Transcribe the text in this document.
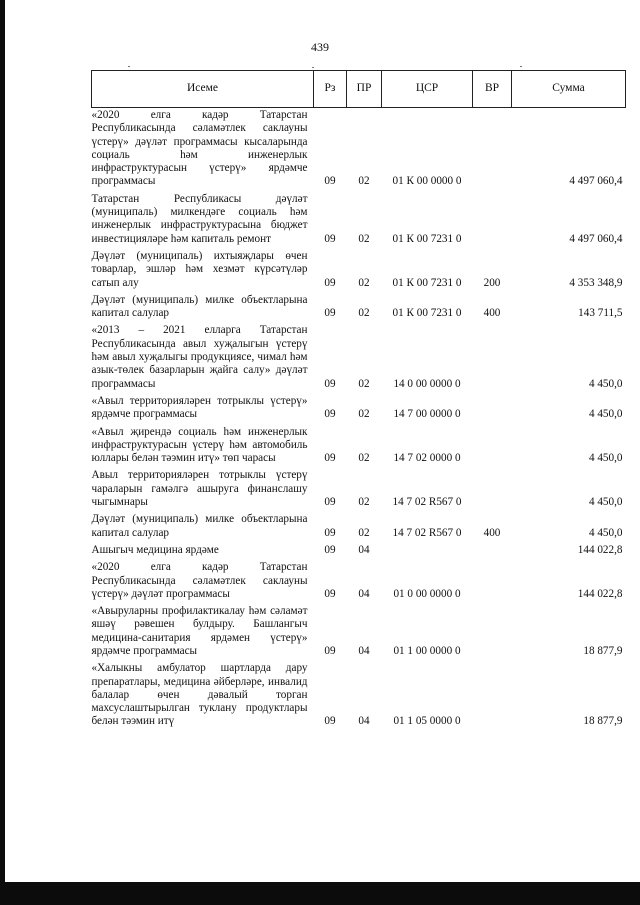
439
Исеме	Рз	ПР	ЦСР	ВР	Сумма
«2020 елга кадәр Татарстан Республикасында сәламәтлек саклауны үстерү» дәүләт программасы кысаларында социаль һәм инженерлык инфраструктурасын үстерү» ярдәмче программасы	09	02	01 К 00 0000 0		4 497 060,4
Татарстан Республикасы дәүләт (муниципаль) милкендәге социаль һәм инженерлык инфраструктурасына бюджет инвестицияләре һәм капиталь ремонт	09	02	01 К 00 7231 0		4 497 060,4
Дәүләт (муниципаль) ихтыяҗлары өчен товарлар, эшләр һәм хезмәт күрсәтүләр сатып алу	09	02	01 К 00 7231 0	200	4 353 348,9
Дәүләт (муниципаль) милке объектларына капитал салулар	09	02	01 К 00 7231 0	400	143 711,5
«2013 – 2021 елларга Татарстан Республикасында авыл хуҗалыгын үстерү һәм авыл хуҗалыгы продукциясе, чимал һәм азык-төлек базарларын җайга салу» дәүләт программасы	09	02	14 0 00 0000 0		4 450,0
«Авыл территорияләрен тотрыклы үстерү» ярдәмче программасы	09	02	14 7 00 0000 0		4 450,0
«Авыл җирендә социаль һәм инженерлык инфраструктурасын үстерү һәм автомобиль юллары белән тәэмин итү» төп чарасы	09	02	14 7 02 0000 0		4 450,0
Авыл территорияләрен тотрыклы үстерү чараларын гамәлгә ашыруга финанслашу чыгымнары	09	02	14 7 02 R567 0		4 450,0
Дәүләт (муниципаль) милке объектларына капитал салулар	09	02	14 7 02 R567 0	400	4 450,0
Ашыгыч медицина ярдәме	09	04			144 022,8
«2020 елга кадәр Татарстан Республикасында сәламәтлек саклауны үстерү» дәүләт программасы	09	04	01 0 00 0000 0		144 022,8
«Авыруларны профилактикалау һәм сәламәт яшәү рәвешен булдыру. Башлангыч медицина-санитария ярдәмен үстерү» ярдәмче программасы	09	04	01 1 00 0000 0		18 877,9
«Халыкны амбулатор шартларда дару препаратлары, медицина әйберләре, инвалид балалар өчен дәвалый торган махсуслаштырылган туклану продуктлары белән тәэмин итү	09	04	01 1 05 0000 0		18 877,9
